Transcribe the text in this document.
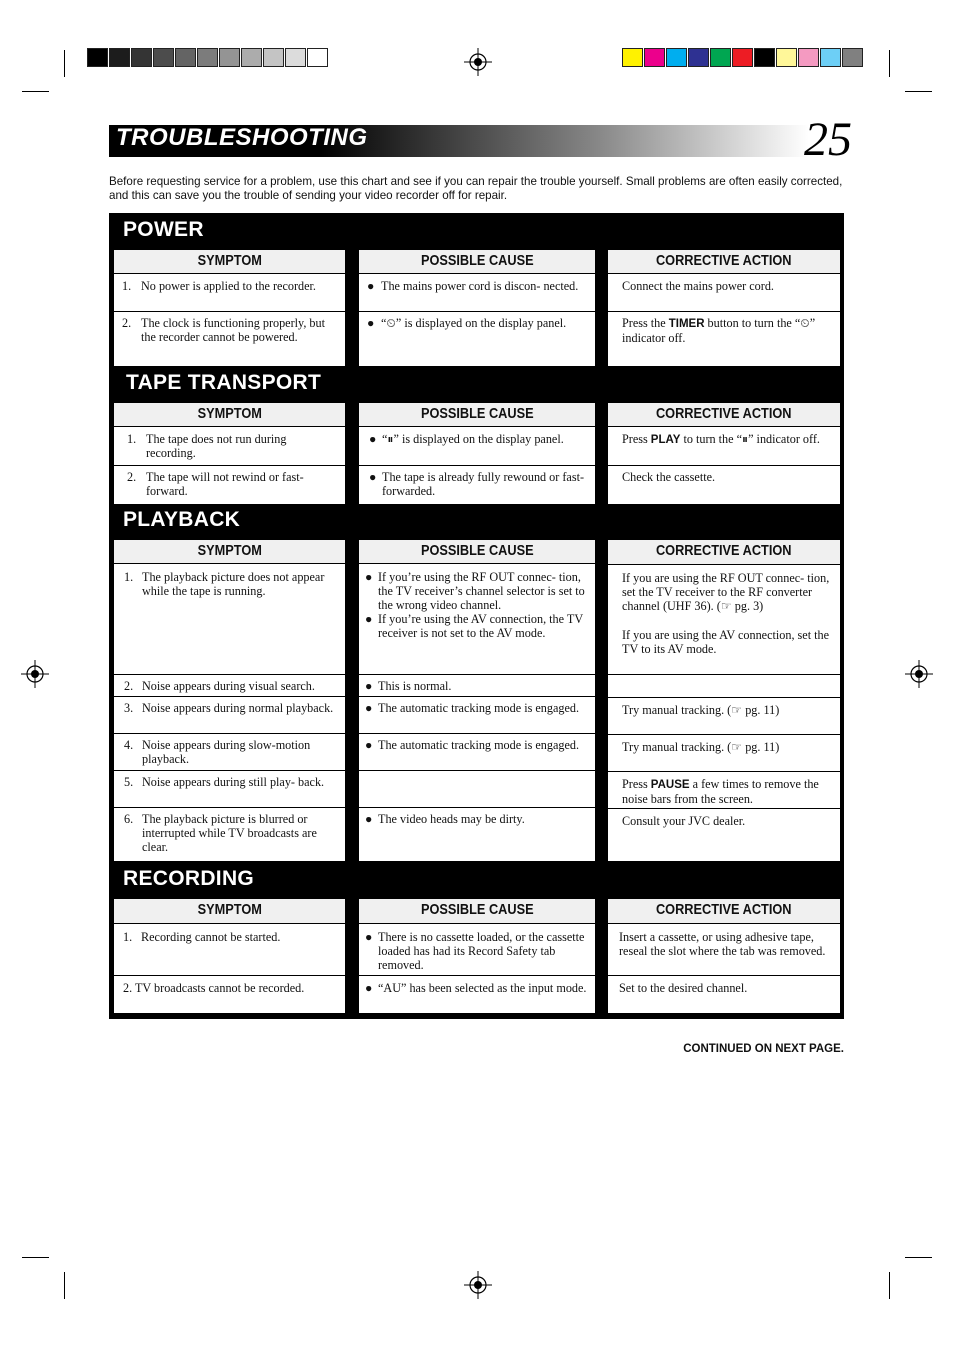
TROUBLESHOOTING	25
Before requesting service for a problem, use this chart and see if you can repair the trouble yourself. Small problems are often easily corrected, and this can save you the trouble of sending your video recorder off for repair.
POWER
SYMPTOM
1. No power is applied to the recorder.
2. The clock is functioning properly, but the recorder cannot be powered.
POSSIBLE CAUSE
● The mains power cord is discon- nected.
● “⏲” is displayed on the display panel.
CORRECTIVE ACTION
Connect the mains power cord.
Press the TIMER button to turn the “⏲” indicator off.
TAPE TRANSPORT
SYMPTOM
1. The tape does not run during recording.
2. The tape will not rewind or fast- forward.
POSSIBLE CAUSE
● “⏸” is displayed on the display panel.
● The tape is already fully rewound or fast-forwarded.
CORRECTIVE ACTION
Press PLAY to turn the “⏸” indicator off.
Check the cassette.
PLAYBACK
SYMPTOM
1. The playback picture does not appear while the tape is running.
2. Noise appears during visual search.
3. Noise appears during normal playback.
4. Noise appears during slow-motion playback.
5. Noise appears during still play- back.
6. The playback picture is blurred or interrupted while TV broadcasts are clear.
POSSIBLE CAUSE
● If you’re using the RF OUT connec- tion, the TV receiver’s channel selector is set to the wrong video channel.
● If you’re using the AV connection, the TV receiver is not set to the AV mode.
● This is normal.
● The automatic tracking mode is engaged.
● The automatic tracking mode is engaged.
● The video heads may be dirty.
CORRECTIVE ACTION
If you are using the RF OUT connec- tion, set the TV receiver to the RF converter channel (UHF 36). (☞ pg. 3)
If you are using the AV connection, set the TV to its AV mode.
Try manual tracking. (☞ pg. 11)
Try manual tracking. (☞ pg. 11)
Press PAUSE a few times to remove the noise bars from the screen.
Consult your JVC dealer.
RECORDING
SYMPTOM
1. Recording cannot be started.
2. TV broadcasts cannot be recorded.
POSSIBLE CAUSE
● There is no cassette loaded, or the cassette loaded has had its Record Safety tab removed.
● “AU” has been selected as the input mode.
CORRECTIVE ACTION
Insert a cassette, or using adhesive tape, reseal the slot where the tab was removed.
Set to the desired channel.
CONTINUED ON NEXT PAGE.
